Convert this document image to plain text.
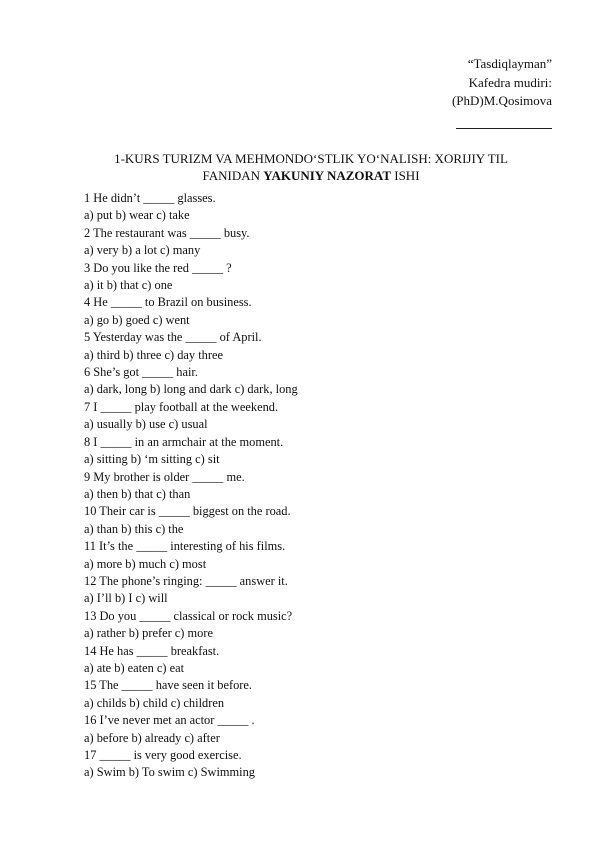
“Tasdiqlayman”
Kafedra mudiri:
(PhD)M.Qosimova
1-KURS TURIZM VA MEHMONDO‘STLIK YO‘NALISH: XORIJIY TIL
FANIDAN YAKUNIY NAZORAT ISHI
1 He didn’t _____ glasses.
a) put b) wear c) take
2 The restaurant was _____ busy.
a) very b) a lot c) many
3 Do you like the red _____ ?
a) it b) that c) one
4 He _____ to Brazil on business.
a) go b) goed c) went
5 Yesterday was the _____ of April.
a) third b) three c) day three
6 She’s got _____ hair.
a) dark, long b) long and dark c) dark, long
7 I _____ play football at the weekend.
a) usually b) use c) usual
8 I _____ in an armchair at the moment.
a) sitting b) ‘m sitting c) sit
9 My brother is older _____ me.
a) then b) that c) than
10 Their car is _____ biggest on the road.
a) than b) this c) the
11 It’s the _____ interesting of his films.
a) more b) much c) most
12 The phone’s ringing: _____ answer it.
a) I’ll b) I c) will
13 Do you _____ classical or rock music?
a) rather b) prefer c) more
14 He has _____ breakfast.
a) ate b) eaten c) eat
15 The _____ have seen it before.
a) childs b) child c) children
16 I’ve never met an actor _____ .
a) before b) already c) after
17 _____ is very good exercise.
a) Swim b) To swim c) Swimming
